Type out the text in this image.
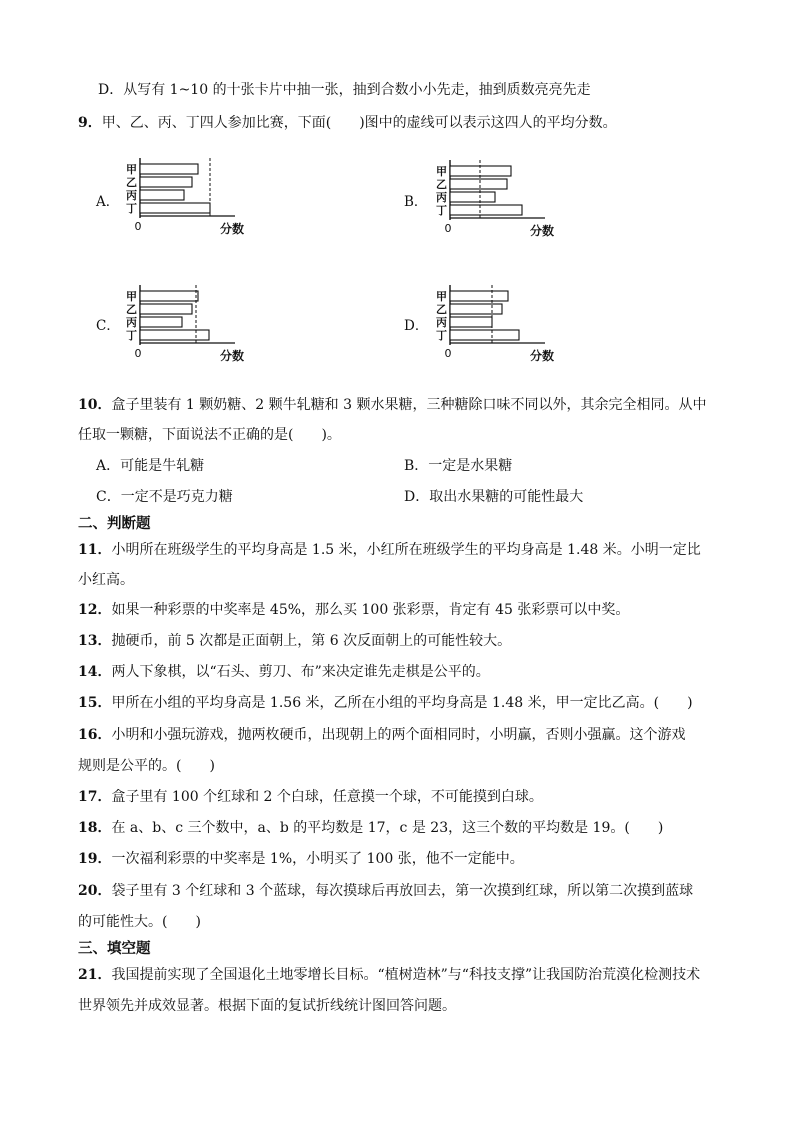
D．从写有 1~10 的十张卡片中抽一张，抽到合数小小先走，抽到质数亮亮先走
9．甲、乙、丙、丁四人参加比赛，下面(　　)图中的虚线可以表示这四人的平均分数。
A．	B．
C．	D．
甲
乙
丙
丁
0	分数
甲
乙
丙
丁
0	分数
甲
乙
丙
丁
0	分数
甲
乙
丙
丁
0	分数
10．盒子里装有 1 颗奶糖、2 颗牛轧糖和 3 颗水果糖，三种糖除口味不同以外，其余完全相同。从中
任取一颗糖，下面说法不正确的是(　　)。
A．可能是牛轧糖	B．一定是水果糖
C．一定不是巧克力糖	D．取出水果糖的可能性最大
二、判断题
11．小明所在班级学生的平均身高是 1.5 米，小红所在班级学生的平均身高是 1.48 米。小明一定比
小红高。
12．如果一种彩票的中奖率是 45%，那么买 100 张彩票，肯定有 45 张彩票可以中奖。
13．抛硬币，前 5 次都是正面朝上，第 6 次反面朝上的可能性较大。
14．两人下象棋，以“石头、剪刀、布”来决定谁先走棋是公平的。
15．甲所在小组的平均身高是 1.56 米，乙所在小组的平均身高是 1.48 米，甲一定比乙高。(　　)
16．小明和小强玩游戏，抛两枚硬币，出现朝上的两个面相同时，小明赢，否则小强赢。这个游戏
规则是公平的。(　　)
17．盒子里有 100 个红球和 2 个白球，任意摸一个球，不可能摸到白球。
18．在 a、b、c 三个数中，a、b 的平均数是 17，c 是 23，这三个数的平均数是 19。(　　)
19．一次福利彩票的中奖率是 1%，小明买了 100 张，他不一定能中。
20．袋子里有 3 个红球和 3 个蓝球，每次摸球后再放回去，第一次摸到红球，所以第二次摸到蓝球
的可能性大。(　　)
三、填空题
21．我国提前实现了全国退化土地零增长目标。“植树造林”与“科技支撑”让我国防治荒漠化检测技术
世界领先并成效显著。根据下面的复试折线统计图回答问题。
